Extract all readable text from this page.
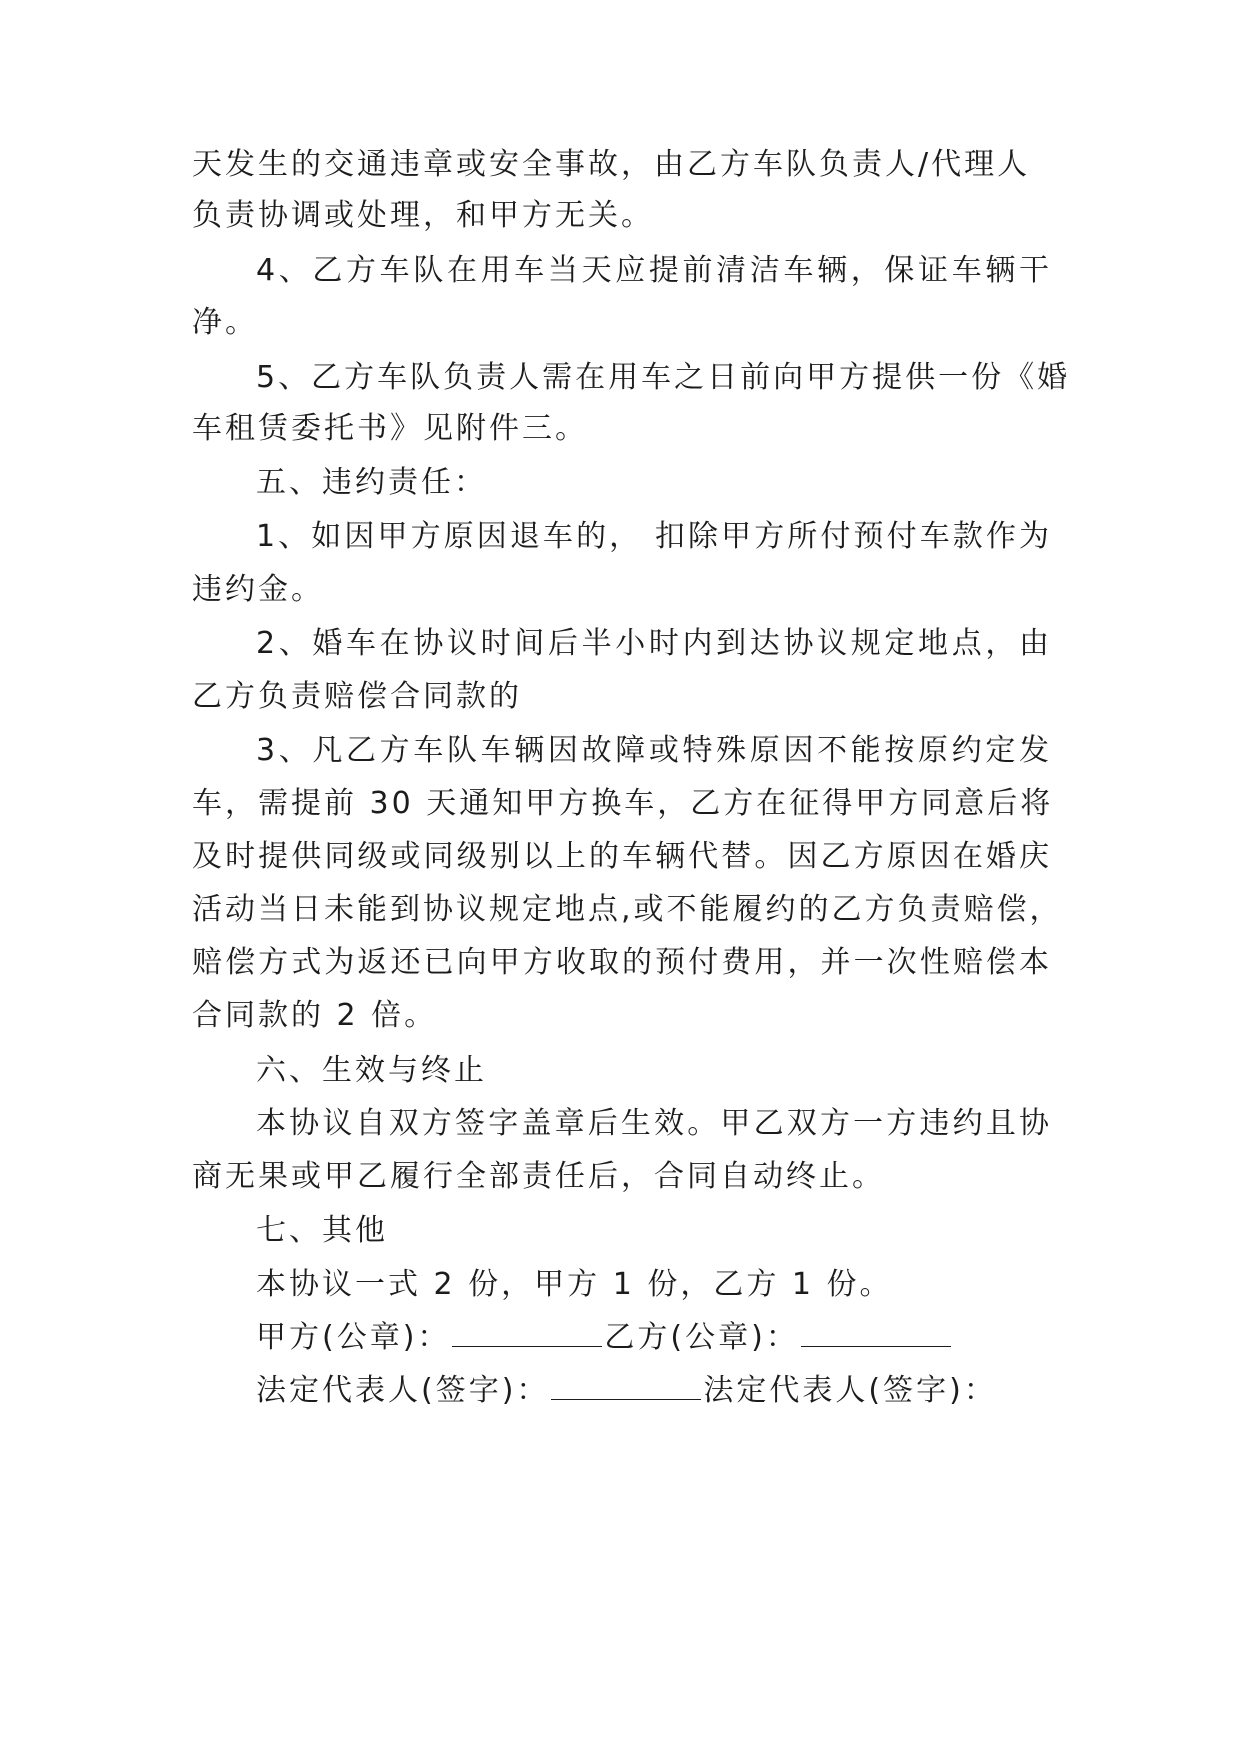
天发生的交通违章或安全事故，由乙方车队负责人/代理人
负责协调或处理，和甲方无关。
4、乙方车队在用车当天应提前清洁车辆，保证车辆干
净。
5、乙方车队负责人需在用车之日前向甲方提供一份《婚
车租赁委托书》见附件三。
五、违约责任：
1、如因甲方原因退车的， 扣除甲方所付预付车款作为
违约金。
2、婚车在协议时间后半小时内到达协议规定地点，由
乙方负责赔偿合同款的
3、凡乙方车队车辆因故障或特殊原因不能按原约定发
车，需提前 30 天通知甲方换车，乙方在征得甲方同意后将
及时提供同级或同级别以上的车辆代替。因乙方原因在婚庆
活动当日未能到协议规定地点,或不能履约的乙方负责赔偿，
赔偿方式为返还已向甲方收取的预付费用，并一次性赔偿本
合同款的 2 倍。
六、生效与终止
本协议自双方签字盖章后生效。甲乙双方一方违约且协
商无果或甲乙履行全部责任后，合同自动终止。
七、其他
本协议一式 2 份，甲方 1 份，乙方 1 份。
甲方(公章)：	乙方(公章)：
法定代表人(签字)：	法定代表人(签字)：
